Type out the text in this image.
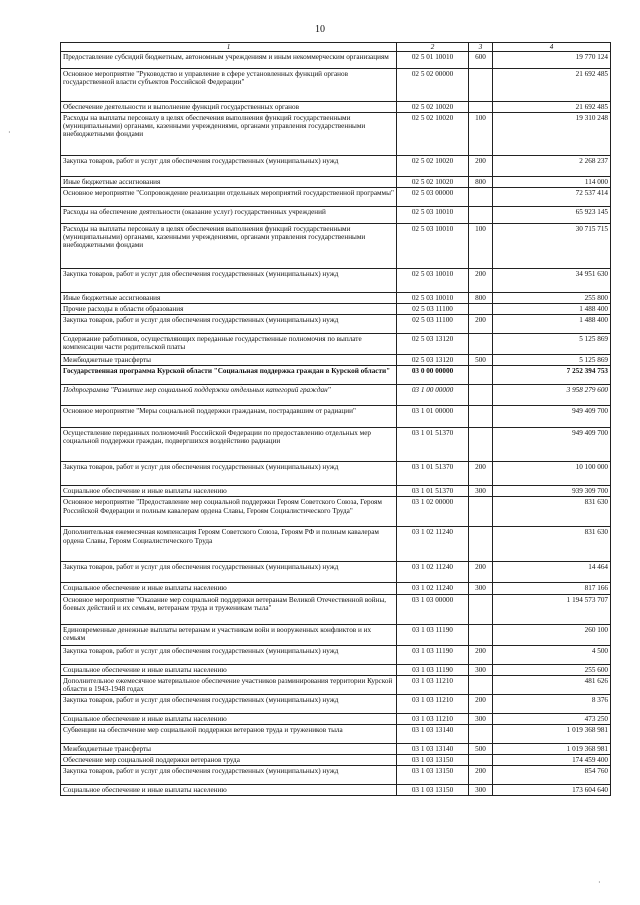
10
1	2	3	4
Предоставление субсидий бюджетным, автономным учреждениям и иным некоммерческим организациям	02 5 01 10010	600	19 770 124
Основное мероприятие "Руководство и управление в сфере установленных функций органов государственной власти субъектов Российской Федерации"	02 5 02 00000		21 692 485
Обеспечение деятельности и выполнение функций государственных органов	02 5 02 10020		21 692 485
Расходы на выплаты персоналу в целях обеспечения выполнения функций государственными (муниципальными) органами, казенными учреждениями, органами управления государственными внебюджетными фондами	02 5 02 10020	100	19 310 248
Закупка товаров, работ и услуг для обеспечения государственных (муниципальных) нужд	02 5 02 10020	200	2 268 237
Иные бюджетные ассигнования	02 5 02 10020	800	114 000
Основное мероприятие "Сопровождение реализации отдельных мероприятий государственной программы"	02 5 03 00000		72 537 414
Расходы на обеспечение деятельности (оказание услуг) государственных учреждений	02 5 03 10010		65 923 145
Расходы на выплаты персоналу в целях обеспечения выполнения функций государственными (муниципальными) органами, казенными учреждениями, органами управления государственными внебюджетными фондами	02 5 03 10010	100	30 715 715
Закупка товаров, работ и услуг для обеспечения государственных (муниципальных) нужд	02 5 03 10010	200	34 951 630
Иные бюджетные ассигнования	02 5 03 10010	800	255 800
Прочие расходы в области образования	02 5 03 11100		1 488 400
Закупка товаров, работ и услуг для обеспечения государственных (муниципальных) нужд	02 5 03 11100	200	1 488 400
Содержание работников, осуществляющих переданные государственные полномочия по выплате компенсации части родительской платы	02 5 03 13120		5 125 869
Межбюджетные трансферты	02 5 03 13120	500	5 125 869
Государственная программа Курской области "Социальная поддержка граждан в Курской области"	03 0 00 00000		7 252 394 753
Подпрограмма "Развитие мер социальной поддержки отдельных категорий граждан"	03 1 00 00000		3 958 279 600
Основное мероприятие "Меры социальной поддержки гражданам, пострадавшим от радиации"	03 1 01 00000		949 409 700
Осуществление переданных полномочий Российской Федерации по предоставлению отдельных мер социальной поддержки граждан, подвергшихся воздействию радиации	03 1 01 51370		949 409 700
Закупка товаров, работ и услуг для обеспечения государственных (муниципальных) нужд	03 1 01 51370	200	10 100 000
Социальное обеспечение и иные выплаты населению	03 1 01 51370	300	939 309 700
Основное мероприятие "Предоставление мер социальной поддержки Героям Советского Союза, Героям Российской Федерации и полным кавалерам ордена Славы, Героям Социалистического Труда"	03 1 02 00000		831 630
Дополнительная ежемесячная компенсация Героям Советского Союза, Героям РФ и полным кавалерам ордена Славы, Героям Социалистического Труда	03 1 02 11240		831 630
Закупка товаров, работ и услуг для обеспечения государственных (муниципальных) нужд	03 1 02 11240	200	14 464
Социальное обеспечение и иные выплаты населению	03 1 02 11240	300	817 166
Основное мероприятие "Оказание мер социальной поддержки ветеранам Великой Отечественной войны, боевых действий и их семьям, ветеранам труда и труженикам тыла"	03 1 03 00000		1 194 573 707
Единовременные денежные выплаты ветеранам и участникам войн и вооруженных конфликтов и их семьям	03 1 03 11190		260 100
Закупка товаров, работ и услуг для обеспечения государственных (муниципальных) нужд	03 1 03 11190	200	4 500
Социальное обеспечение и иные выплаты населению	03 1 03 11190	300	255 600
Дополнительное ежемесячное материальное обеспечение участников разминирования территории Курской области в 1943-1948 годах	03 1 03 11210		481 626
Закупка товаров, работ и услуг для обеспечения государственных (муниципальных) нужд	03 1 03 11210	200	8 376
Социальное обеспечение и иные выплаты населению	03 1 03 11210	300	473 250
Субвенции на обеспечение мер социальной поддержки ветеранов труда и тружеников тыла	03 1 03 13140		1 019 368 981
Межбюджетные трансферты	03 1 03 13140	500	1 019 368 981
Обеспечение мер социальной поддержки ветеранов труда	03 1 03 13150		174 459 400
Закупка товаров, работ и услуг для обеспечения государственных (муниципальных) нужд	03 1 03 13150	200	854 760
Социальное обеспечение и иные выплаты населению	03 1 03 13150	300	173 604 640
·
·
